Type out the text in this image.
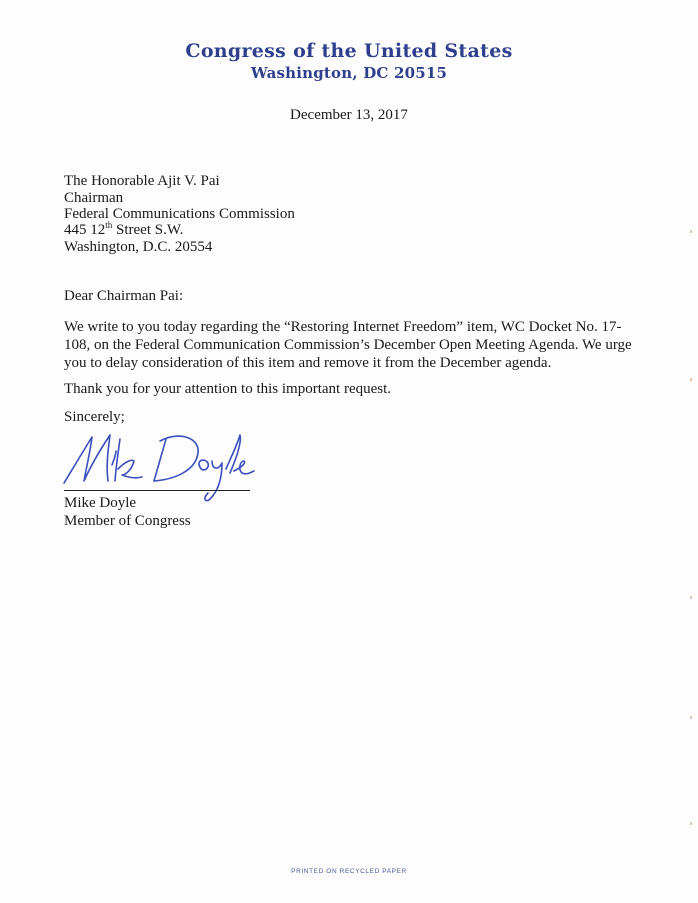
Congress of the United States
Washington, DC 20515
December 13, 2017
The Honorable Ajit V. Pai
Chairman
Federal Communications Commission
445 12th Street S.W.
Washington, D.C. 20554
Dear Chairman Pai:
We write to you today regarding the “Restoring Internet Freedom” item, WC Docket No. 17-
108, on the Federal Communication Commission’s December Open Meeting Agenda. We urge
you to delay consideration of this item and remove it from the December agenda.
Thank you for your attention to this important request.
Sincerely;
Mike Doyle
Member of Congress
PRINTED ON RECYCLED PAPER
